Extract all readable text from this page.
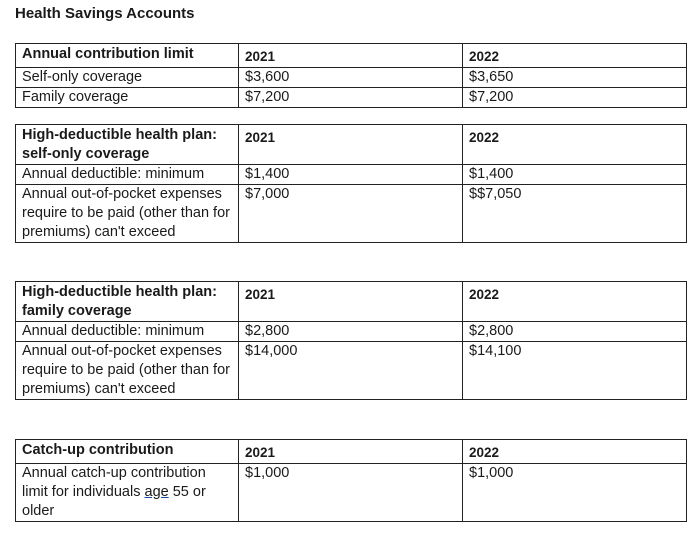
Health Savings Accounts
Annual contribution limit	2021	2022
Self-only coverage	$3,600	$3,650
Family coverage	$7,200	$7,200
High-deductible health plan: self-only coverage	2021	2022
Annual deductible: minimum	$1,400	$1,400
Annual out-of-pocket expenses require to be paid (other than for premiums) can't exceed	$7,000	$$7,050
High-deductible health plan: family coverage	2021	2022
Annual deductible: minimum	$2,800	$2,800
Annual out-of-pocket expenses require to be paid (other than for premiums) can't exceed	$14,000	$14,100
Catch-up contribution	2021	2022
Annual catch-up contribution limit for individuals age 55 or older	$1,000	$1,000
